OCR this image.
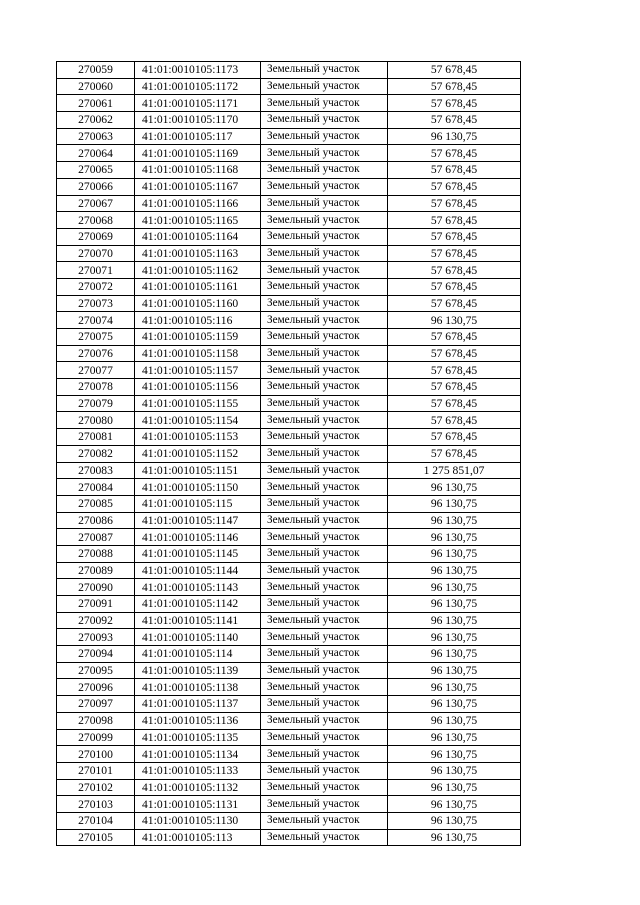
270059	41:01:0010105:1173	Земельный участок	57 678,45
270060	41:01:0010105:1172	Земельный участок	57 678,45
270061	41:01:0010105:1171	Земельный участок	57 678,45
270062	41:01:0010105:1170	Земельный участок	57 678,45
270063	41:01:0010105:117	Земельный участок	96 130,75
270064	41:01:0010105:1169	Земельный участок	57 678,45
270065	41:01:0010105:1168	Земельный участок	57 678,45
270066	41:01:0010105:1167	Земельный участок	57 678,45
270067	41:01:0010105:1166	Земельный участок	57 678,45
270068	41:01:0010105:1165	Земельный участок	57 678,45
270069	41:01:0010105:1164	Земельный участок	57 678,45
270070	41:01:0010105:1163	Земельный участок	57 678,45
270071	41:01:0010105:1162	Земельный участок	57 678,45
270072	41:01:0010105:1161	Земельный участок	57 678,45
270073	41:01:0010105:1160	Земельный участок	57 678,45
270074	41:01:0010105:116	Земельный участок	96 130,75
270075	41:01:0010105:1159	Земельный участок	57 678,45
270076	41:01:0010105:1158	Земельный участок	57 678,45
270077	41:01:0010105:1157	Земельный участок	57 678,45
270078	41:01:0010105:1156	Земельный участок	57 678,45
270079	41:01:0010105:1155	Земельный участок	57 678,45
270080	41:01:0010105:1154	Земельный участок	57 678,45
270081	41:01:0010105:1153	Земельный участок	57 678,45
270082	41:01:0010105:1152	Земельный участок	57 678,45
270083	41:01:0010105:1151	Земельный участок	1 275 851,07
270084	41:01:0010105:1150	Земельный участок	96 130,75
270085	41:01:0010105:115	Земельный участок	96 130,75
270086	41:01:0010105:1147	Земельный участок	96 130,75
270087	41:01:0010105:1146	Земельный участок	96 130,75
270088	41:01:0010105:1145	Земельный участок	96 130,75
270089	41:01:0010105:1144	Земельный участок	96 130,75
270090	41:01:0010105:1143	Земельный участок	96 130,75
270091	41:01:0010105:1142	Земельный участок	96 130,75
270092	41:01:0010105:1141	Земельный участок	96 130,75
270093	41:01:0010105:1140	Земельный участок	96 130,75
270094	41:01:0010105:114	Земельный участок	96 130,75
270095	41:01:0010105:1139	Земельный участок	96 130,75
270096	41:01:0010105:1138	Земельный участок	96 130,75
270097	41:01:0010105:1137	Земельный участок	96 130,75
270098	41:01:0010105:1136	Земельный участок	96 130,75
270099	41:01:0010105:1135	Земельный участок	96 130,75
270100	41:01:0010105:1134	Земельный участок	96 130,75
270101	41:01:0010105:1133	Земельный участок	96 130,75
270102	41:01:0010105:1132	Земельный участок	96 130,75
270103	41:01:0010105:1131	Земельный участок	96 130,75
270104	41:01:0010105:1130	Земельный участок	96 130,75
270105	41:01:0010105:113	Земельный участок	96 130,75
